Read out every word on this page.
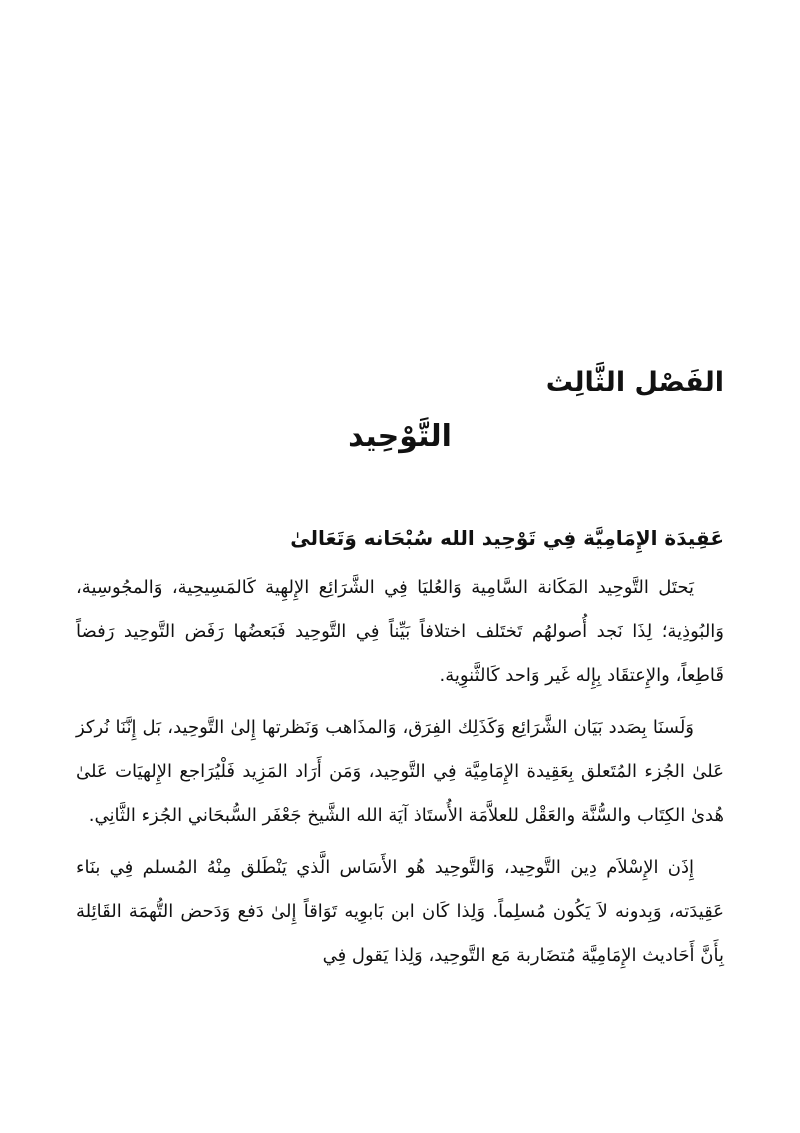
الفَصْل الثَّالِث
التَّوْحِيد
عَقِيدَة الإِمَامِيَّة فِي تَوْحِيد الله سُبْحَانه وَتَعَالىٰ

يَحتَل التَّوحِيد المَكَانة السَّامِية وَالعُليَا فِي الشَّرَائِع الإِلهِية كَالمَسِيحِية، وَالمجُوسِية، وَالبُوذِية؛ لِذَا نَجد أُصولهُم تَختَلف اختلافاً بَيِّناً فِي التَّوحِيد فَبَعضُها رَفَض التَّوحِيد رَفضاً قَاطِعاً، والإِعتقَاد بِإِله غَير وَاحد كَالثَّنوِية.

وَلَسنَا بِصَدد بَيَان الشَّرَائِع وَكَذَلِك الفِرَق، وَالمذَاهب وَنَظرتها إِلىٰ التَّوحِيد، بَل إِنَّنَا نُركز عَلىٰ الجُزء المُتَعلق بِعَقِيدة الإِمَامِيَّة فِي التَّوحِيد، وَمَن أَرَاد المَزِيد فَلْيُرَاجع الإِلهيَات عَلىٰ هُدىٰ الكِتَاب والسُّنَّة والعَقْل للعلاَّمَة الأُستَاذ آيَة الله الشَّيخ جَعْفَر السُّبحَاني الجُزء الثَّانِي.

إِذَن الإِسْلاَم دِين التَّوحِيد، وَالتَّوحِيد هُو الأَسَاس الَّذي يَنْطَلق مِنْهُ المُسلم فِي بنَاء عَقِيدَته، وَبِدونه لاَ يَكُون مُسلِماً. وَلِذا كَان ابن بَابوِيه تَوَاقاً إِلىٰ دَفع وَدَحض التُّهمَة القَائِلة بِأَنَّ أَحَاديث الإِمَامِيَّة مُتضَاربة مَع التَّوحِيد، وَلِذا يَقول فِي
